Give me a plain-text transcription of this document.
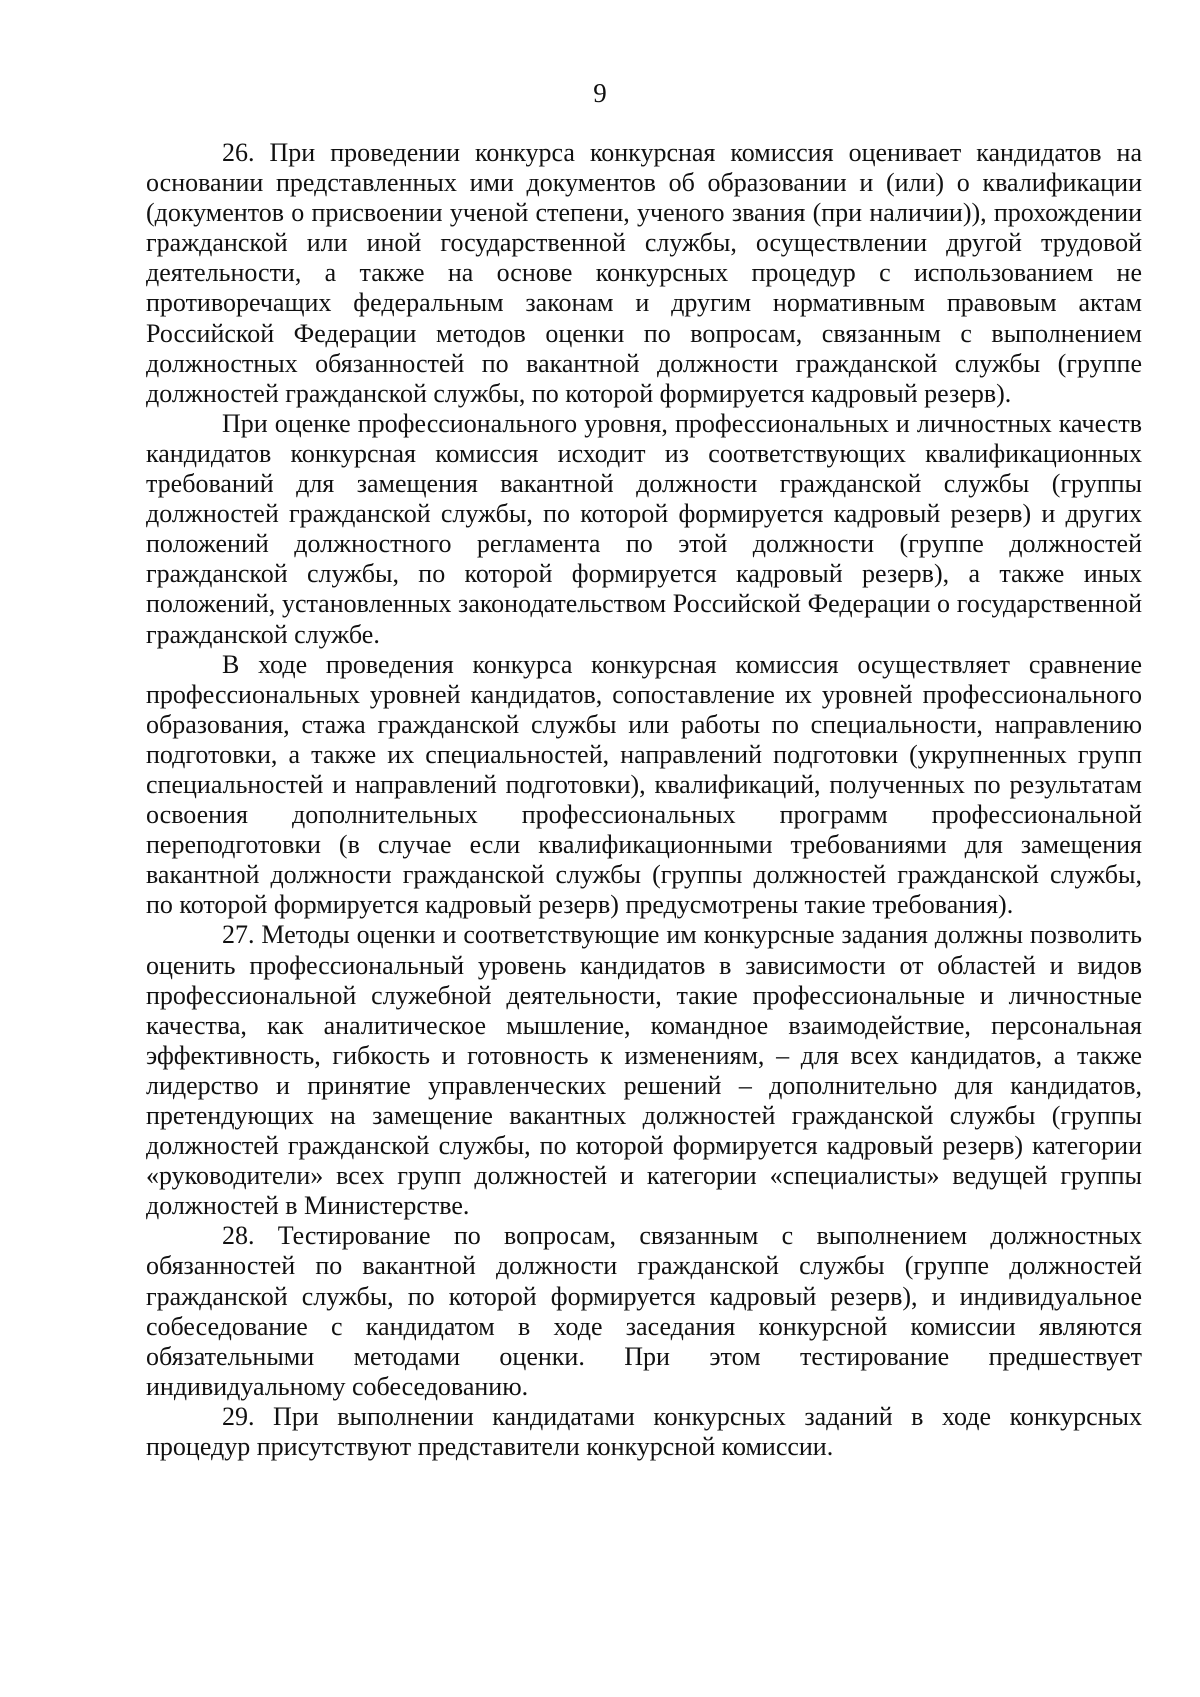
9

26. При проведении конкурса конкурсная комиссия оценивает кандидатов на основании представленных ими документов об образовании и (или) о квалификации (документов о присвоении ученой степени, ученого звания (при наличии)), прохождении гражданской или иной государственной службы, осуществлении другой трудовой деятельности, а также на основе конкурсных процедур с использованием не противоречащих федеральным законам и другим нормативным правовым актам Российской Федерации методов оценки по вопросам, связанным с выполнением должностных обязанностей по вакантной должности гражданской службы (группе должностей гражданской службы, по которой формируется кадровый резерв).

При оценке профессионального уровня, профессиональных и личностных качеств кандидатов конкурсная комиссия исходит из соответствующих квалификационных требований для замещения вакантной должности гражданской службы (группы должностей гражданской службы, по которой формируется кадровый резерв) и других положений должностного регламента по этой должности (группе должностей гражданской службы, по которой формируется кадровый резерв), а также иных положений, установленных законодательством Российской Федерации о государственной гражданской службе.

В ходе проведения конкурса конкурсная комиссия осуществляет сравнение профессиональных уровней кандидатов, сопоставление их уровней профессионального образования, стажа гражданской службы или работы по специальности, направлению подготовки, а также их специальностей, направлений подготовки (укрупненных групп специальностей и направлений подготовки), квалификаций, полученных по результатам освоения дополнительных профессиональных программ профессиональной переподготовки (в случае если квалификационными требованиями для замещения вакантной должности гражданской службы (группы должностей гражданской службы, по которой формируется кадровый резерв) предусмотрены такие требования).

27. Методы оценки и соответствующие им конкурсные задания должны позволить оценить профессиональный уровень кандидатов в зависимости от областей и видов профессиональной служебной деятельности, такие профессиональные и личностные качества, как аналитическое мышление, командное взаимодействие, персональная эффективность, гибкость и готовность к изменениям, – для всех кандидатов, а также лидерство и принятие управленческих решений – дополнительно для кандидатов, претендующих на замещение вакантных должностей гражданской службы (группы должностей гражданской службы, по которой формируется кадровый резерв) категории «руководители» всех групп должностей и категории «специалисты» ведущей группы должностей в Министерстве.

28. Тестирование по вопросам, связанным с выполнением должностных обязанностей по вакантной должности гражданской службы (группе должностей гражданской службы, по которой формируется кадровый резерв), и индивидуальное собеседование с кандидатом в ходе заседания конкурсной комиссии являются обязательными методами оценки. При этом тестирование предшествует индивидуальному собеседованию.

29. При выполнении кандидатами конкурсных заданий в ходе конкурсных процедур присутствуют представители конкурсной комиссии.
